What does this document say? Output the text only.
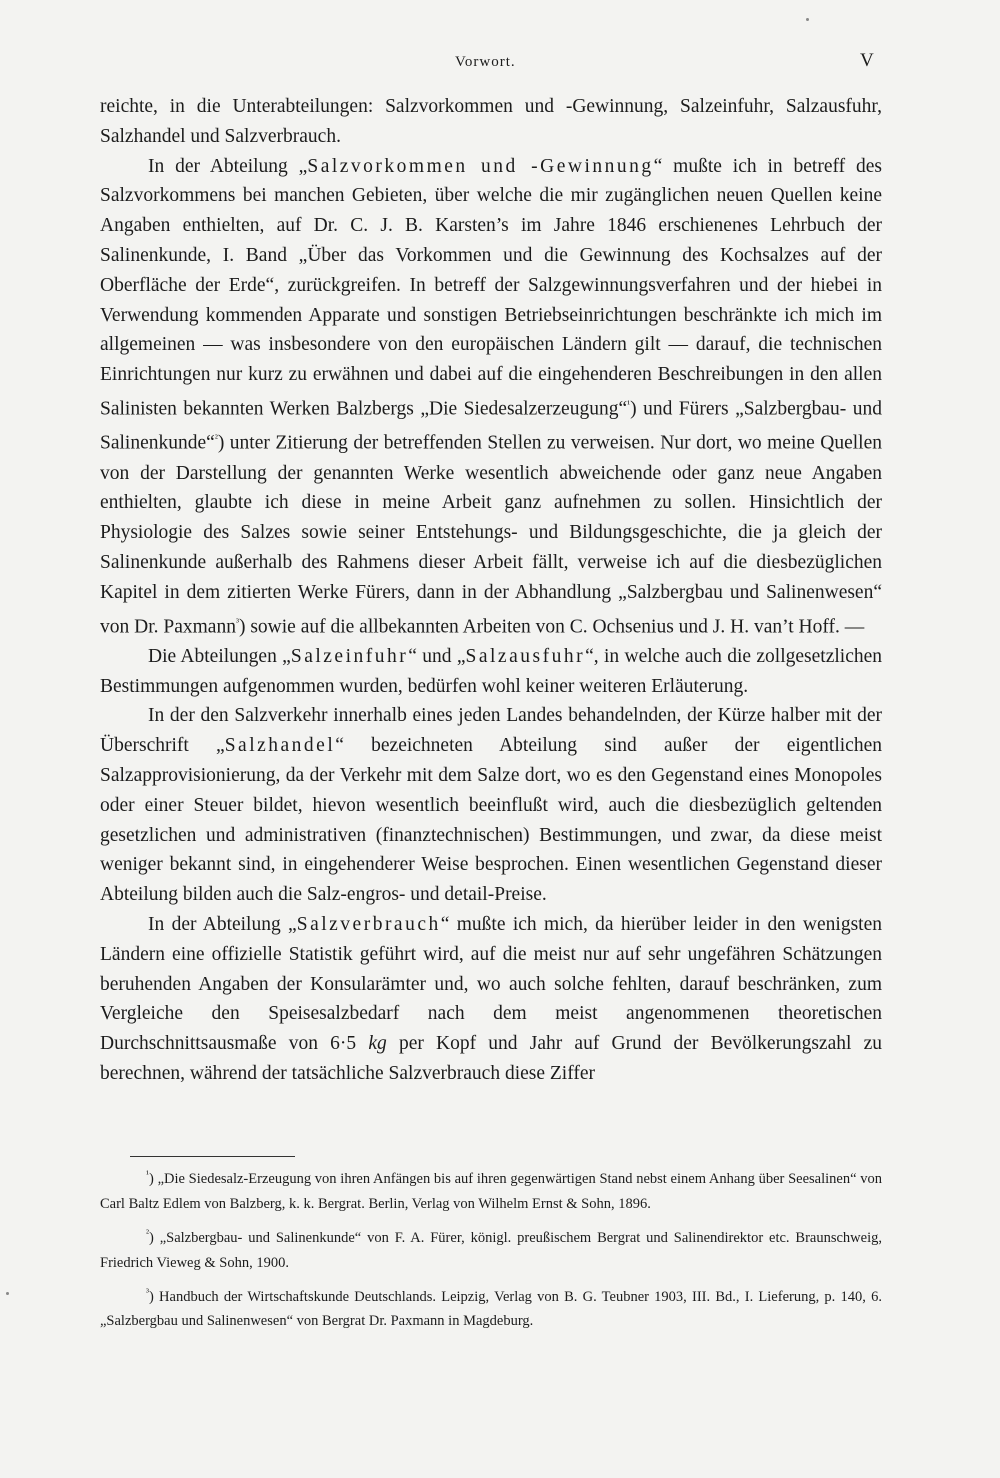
Vorwort.	V

reichte, in die Unterabteilungen: Salzvorkommen und -Gewinnung, Salzeinfuhr, Salzausfuhr, Salzhandel und Salzverbrauch.

In der Abteilung „Salzvorkommen und -Gewinnung“ mußte ich in betreff des Salzvorkommens bei manchen Gebieten, über welche die mir zugänglichen neuen Quellen keine Angaben enthielten, auf Dr. C. J. B. Karsten’s im Jahre 1846 erschienenes Lehrbuch der Salinenkunde, I. Band „Über das Vorkommen und die Gewinnung des Kochsalzes auf der Oberfläche der Erde“, zurückgreifen. In betreff der Salzgewinnungsverfahren und der hiebei in Verwendung kommenden Apparate und sonstigen Betriebseinrichtungen beschränkte ich mich im allgemeinen — was insbesondere von den europäischen Ländern gilt — darauf, die technischen Einrichtungen nur kurz zu erwähnen und dabei auf die eingehenderen Beschreibungen in den allen Salinisten bekannten Werken Balzbergs „Die Siedesalzerzeugung“$^{^1}$) und Fürers „Salzbergbau- und Salinenkunde“$^{^2}$) unter Zitierung der betreffenden Stellen zu verweisen. Nur dort, wo meine Quellen von der Darstellung der genannten Werke wesentlich abweichende oder ganz neue Angaben enthielten, glaubte ich diese in meine Arbeit ganz aufnehmen zu sollen. Hinsichtlich der Physiologie des Salzes sowie seiner Entstehungs- und Bildungsgeschichte, die ja gleich der Salinenkunde außerhalb des Rahmens dieser Arbeit fällt, verweise ich auf die diesbezüglichen Kapitel in dem zitierten Werke Fürers, dann in der Abhandlung „Salzbergbau und Salinenwesen“ von Dr. Paxmann$^{^3}$) sowie auf die allbekannten Arbeiten von C. Ochsenius und J. H. van’t Hoff. —

Die Abteilungen „Salzeinfuhr“ und „Salzausfuhr“, in welche auch die zollgesetzlichen Bestimmungen aufgenommen wurden, bedürfen wohl keiner weiteren Erläuterung.

In der den Salzverkehr innerhalb eines jeden Landes behandelnden, der Kürze halber mit der Überschrift „Salzhandel“ bezeichneten Abteilung sind außer der eigentlichen Salzapprovisionierung, da der Verkehr mit dem Salze dort, wo es den Gegenstand eines Monopoles oder einer Steuer bildet, hievon wesentlich beeinflußt wird, auch die diesbezüglich geltenden gesetzlichen und administrativen (finanztechnischen) Bestimmungen, und zwar, da diese meist weniger bekannt sind, in eingehenderer Weise besprochen. Einen wesentlichen Gegenstand dieser Abteilung bilden auch die Salz-engros- und detail-Preise.

In der Abteilung „Salzverbrauch“ mußte ich mich, da hierüber leider in den wenigsten Ländern eine offizielle Statistik geführt wird, auf die meist nur auf sehr ungefähren Schätzungen beruhenden Angaben der Konsularämter und, wo auch solche fehlten, darauf beschränken, zum Vergleiche den Speisesalzbedarf nach dem meist angenommenen theoretischen Durchschnittsausmaße von 6·5 kg per Kopf und Jahr auf Grund der Bevölkerungszahl zu berechnen, während der tatsächliche Salzverbrauch diese Ziffer

$^{^1}$) „Die Siedesalz-Erzeugung von ihren Anfängen bis auf ihren gegenwärtigen Stand nebst einem Anhang über Seesalinen“ von Carl Baltz Edlem von Balzberg, k. k. Bergrat. Berlin, Verlag von Wilhelm Ernst & Sohn, 1896.

$^{^2}$) „Salzbergbau- und Salinenkunde“ von F. A. Fürer, königl. preußischem Bergrat und Salinendirektor etc. Braunschweig, Friedrich Vieweg & Sohn, 1900.

$^{^3}$) Handbuch der Wirtschaftskunde Deutschlands. Leipzig, Verlag von B. G. Teubner 1903, III. Bd., I. Lieferung, p. 140, 6. „Salzbergbau und Salinenwesen“ von Bergrat Dr. Paxmann in Magdeburg.
